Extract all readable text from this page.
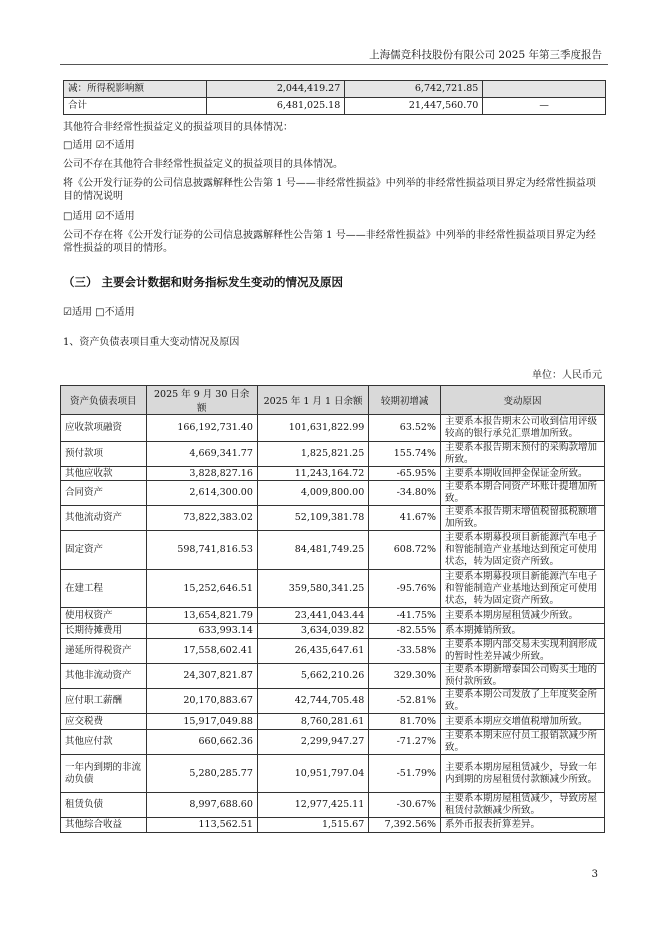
上海儒竞科技股份有限公司 2025 年第三季度报告
减：所得税影响额	2,044,419.27	6,742,721.85	
合计	6,481,025.18	21,447,560.70	—
其他符合非经常性损益定义的损益项目的具体情况：
□适用 ☑不适用
公司不存在其他符合非经常性损益定义的损益项目的具体情况。
将《公开发行证券的公司信息披露解释性公告第 1 号——非经常性损益》中列举的非经常性损益项目界定为经常性损益项目的情况说明
□适用 ☑不适用
公司不存在将《公开发行证券的公司信息披露解释性公告第 1 号——非经常性损益》中列举的非经常性损益项目界定为经常性损益的项目的情形。
（三） 主要会计数据和财务指标发生变动的情况及原因
☑适用 □不适用
1、资产负债表项目重大变动情况及原因
单位：人民币元
资产负债表项目	2025 年 9 月 30 日余额	2025 年 1 月 1 日余额	较期初增减	变动原因
应收款项融资	166,192,731.40	101,631,822.99	63.52%	主要系本报告期末公司收到信用评级较高的银行承兑汇票增加所致。
预付款项	4,669,341.77	1,825,821.25	155.74%	主要系本报告期末预付的采购款增加所致。
其他应收款	3,828,827.16	11,243,164.72	-65.95%	主要系本期收回押金保证金所致。
合同资产	2,614,300.00	4,009,800.00	-34.80%	主要系本期合同资产坏账计提增加所致。
其他流动资产	73,822,383.02	52,109,381.78	41.67%	主要系本报告期末增值税留抵税额增加所致。
固定资产	598,741,816.53	84,481,749.25	608.72%	主要系本期募投项目新能源汽车电子和智能制造产业基地达到预定可使用状态，转为固定资产所致。
在建工程	15,252,646.51	359,580,341.25	-95.76%	主要系本期募投项目新能源汽车电子和智能制造产业基地达到预定可使用状态，转为固定资产所致。
使用权资产	13,654,821.79	23,441,043.44	-41.75%	主要系本期房屋租赁减少所致。
长期待摊费用	633,993.14	3,634,039.82	-82.55%	系本期摊销所致。
递延所得税资产	17,558,602.41	26,435,647.61	-33.58%	主要系本期内部交易未实现利润形成的暂时性差异减少所致。
其他非流动资产	24,307,821.87	5,662,210.26	329.30%	主要系本期新增泰国公司购买土地的预付款所致。
应付职工薪酬	20,170,883.67	42,744,705.48	-52.81%	主要系本期公司发放了上年度奖金所致。
应交税费	15,917,049.88	8,760,281.61	81.70%	主要系本期应交增值税增加所致。
其他应付款	660,662.36	2,299,947.27	-71.27%	主要系本期末应付员工报销款减少所致。
一年内到期的非流动负债	5,280,285.77	10,951,797.04	-51.79%	主要系本期房屋租赁减少，导致一年内到期的房屋租赁付款额减少所致。
租赁负债	8,997,688.60	12,977,425.11	-30.67%	主要系本期房屋租赁减少，导致房屋租赁付款额减少所致。
其他综合收益	113,562.51	1,515.67	7,392.56%	系外币报表折算差异。
3
